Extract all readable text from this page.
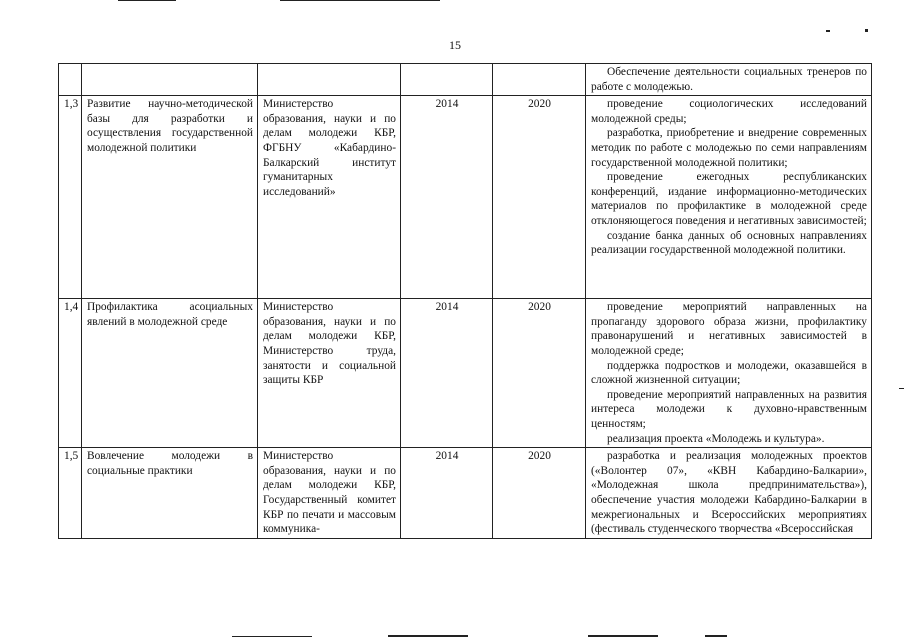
15

					Обеспечение деятельности социальных тренеров по работе с молодежью.

1,3	Развитие научно-методической базы для разработки и осуществления государственной молодежной политики	Министерство образования, науки и по делам молодежи КБР, ФГБНУ «Кабардино-Балкарский институт гуманитарных исследований»	2014	2020	проведение социологических исследований молодежной среды;
разработка, приобретение и внедрение современных методик по работе с молодежью по семи направлениям государственной молодежной политики;
проведение ежегодных республиканских конференций, издание информационно-методических материалов по профилактике в молодежной среде отклоняющегося поведения и негативных зависимостей;
создание банка данных об основных направлениях реализации государственной молодежной политики.

1,4	Профилактика асоциальных явлений в молодежной среде	Министерство образования, науки и по делам молодежи КБР, Министерство труда, занятости и социальной защиты КБР	2014	2020	проведение мероприятий направленных на пропаганду здорового образа жизни, профилактику правонарушений и негативных зависимостей в молодежной среде;
поддержка подростков и молодежи, оказавшейся в сложной жизненной ситуации;
проведение мероприятий направленных на развития интереса молодежи к духовно-нравственным ценностям;
реализация проекта «Молодежь и культура».

1,5	Вовлечение молодежи в социальные практики	Министерство образования, науки и по делам молодежи КБР, Государственный комитет КБР по печати и массовым коммуника-	2014	2020	разработка и реализация молодежных проектов («Волонтер 07», «КВН Кабардино-Балкарии», «Молодежная школа предпринимательства»), обеспечение участия молодежи Кабардино-Балкарии в межрегиональных и Всероссийских мероприятиях (фестиваль студенческого творчества «Всероссийская
